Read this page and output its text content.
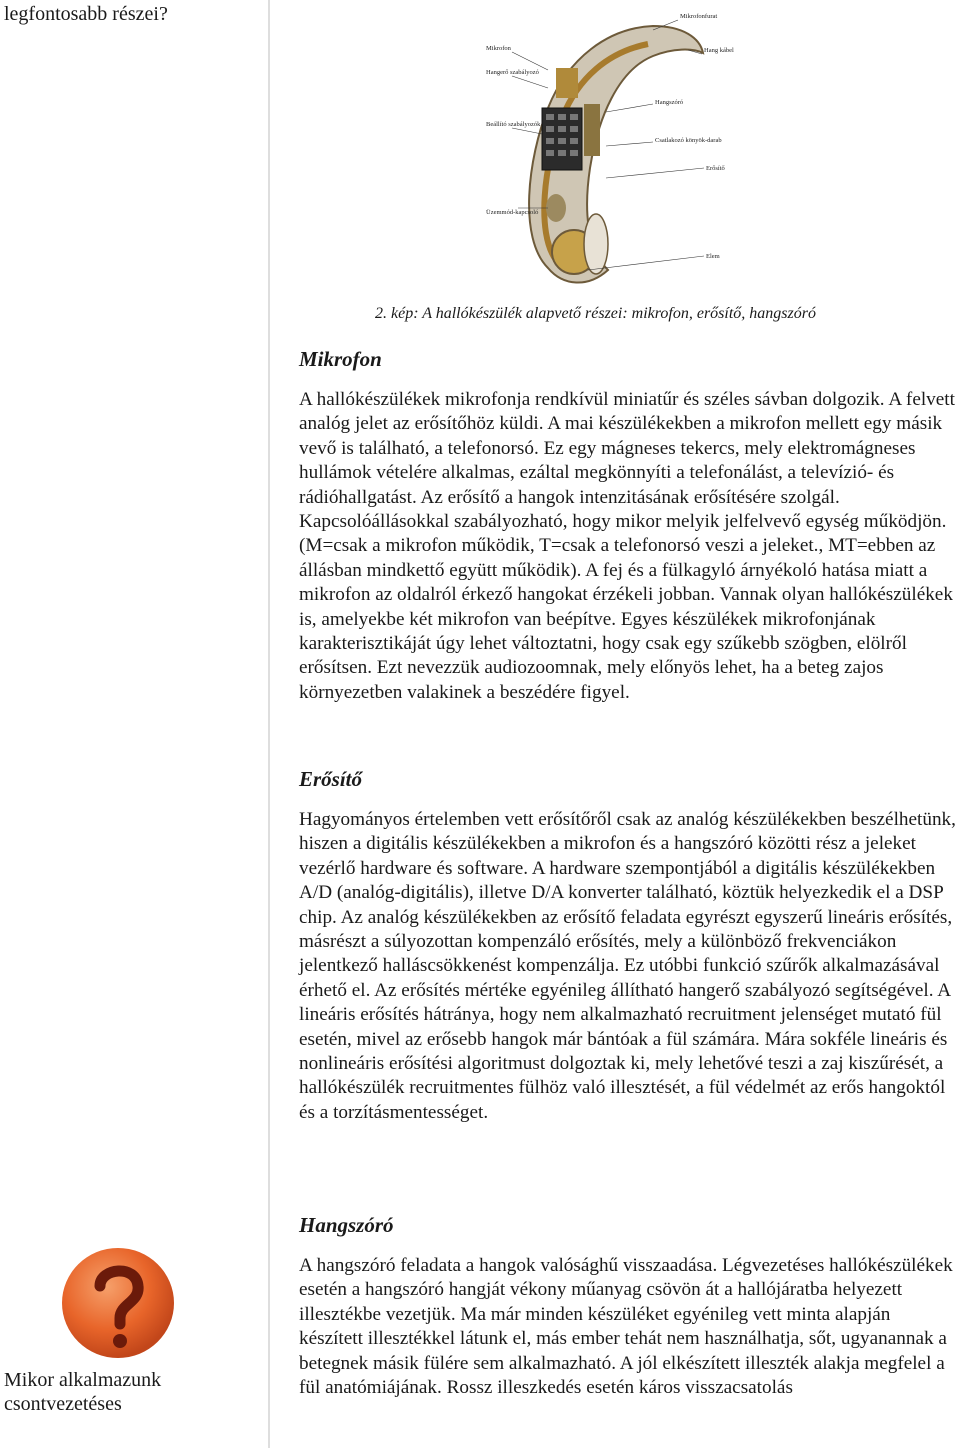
legfontosabb részei?
Mikor alkalmazunk
csontvezetéses
Mikrofon
Hangerő szabályozó
Beállító szabályozók
Üzemmód-kapcsoló
Mikrofonfurat
Hang kábel
Hangszóró
Csatlakozó könyök-darab
Erősítő
Elem
2. kép: A hallókészülék alapvető részei: mikrofon, erősítő, hangszóró
Mikrofon
A hallókészülékek mikrofonja rendkívül miniatűr és széles sávban dolgozik. A felvett analóg jelet az erősítőhöz küldi. A mai készülékekben a mikrofon mellett egy másik vevő is található, a telefonorsó. Ez egy mágneses tekercs, mely elektromágneses hullámok vételére alkalmas, ezáltal megkönnyíti a telefonálást, a televízió- és rádióhallgatást. Az erősítő a hangok intenzitásának erősítésére szolgál. Kapcsolóállásokkal szabályozható, hogy mikor melyik jelfelvevő egység működjön. (M=csak a mikrofon működik, T=csak a telefonorsó veszi a jeleket., MT=ebben az állásban mindkettő együtt működik). A fej és a fülkagyló árnyékoló hatása miatt a mikrofon az oldalról érkező hangokat érzékeli jobban. Vannak olyan hallókészülékek is, amelyekbe két mikrofon van beépítve. Egyes készülékek mikrofonjának karakterisztikáját úgy lehet változtatni, hogy csak egy szűkebb szögben, elölről erősítsen. Ezt nevezzük audiozoomnak, mely előnyös lehet, ha a beteg zajos környezetben valakinek a beszédére figyel.
Erősítő
Hagyományos értelemben vett erősítőről csak az analóg készülékekben beszélhetünk, hiszen a digitális készülékekben a mikrofon és a hangszóró közötti rész a jeleket vezérlő hardware és software. A hardware szempontjából a digitális készülékekben A/D (analóg-digitális), illetve D/A konverter található, köztük helyezkedik el a DSP chip. Az analóg készülékekben az erősítő feladata egyrészt egyszerű lineáris erősítés, másrészt a súlyozottan kompenzáló erősítés, mely a különböző frekvenciákon jelentkező halláscsökkenést kompenzálja. Ez utóbbi funkció szűrők alkalmazásával érhető el. Az erősítés mértéke egyénileg állítható hangerő szabályozó segítségével. A lineáris erősítés hátránya, hogy nem alkalmazható recruitment jelenséget mutató fül esetén, mivel az erősebb hangok már bántóak a fül számára. Mára sokféle lineáris és nonlineáris erősítési algoritmust dolgoztak ki, mely lehetővé teszi a zaj kiszűrését, a hallókészülék recruitmentes fülhöz való illesztését, a fül védelmét az erős hangoktól és a torzításmentességet.
Hangszóró
A hangszóró feladata a hangok valósághű visszaadása. Légvezetéses hallókészülékek esetén a hangszóró hangját vékony műanyag csövön át a hallójáratba helyezett illesztékbe vezetjük. Ma már minden készüléket egyénileg vett minta alapján készített illesztékkel látunk el, más ember tehát nem használhatja, sőt, ugyanannak a betegnek másik fülére sem alkalmazható. A jól elkészített illeszték alakja megfelel a fül anatómiájának. Rossz illeszkedés esetén káros visszacsatolás
